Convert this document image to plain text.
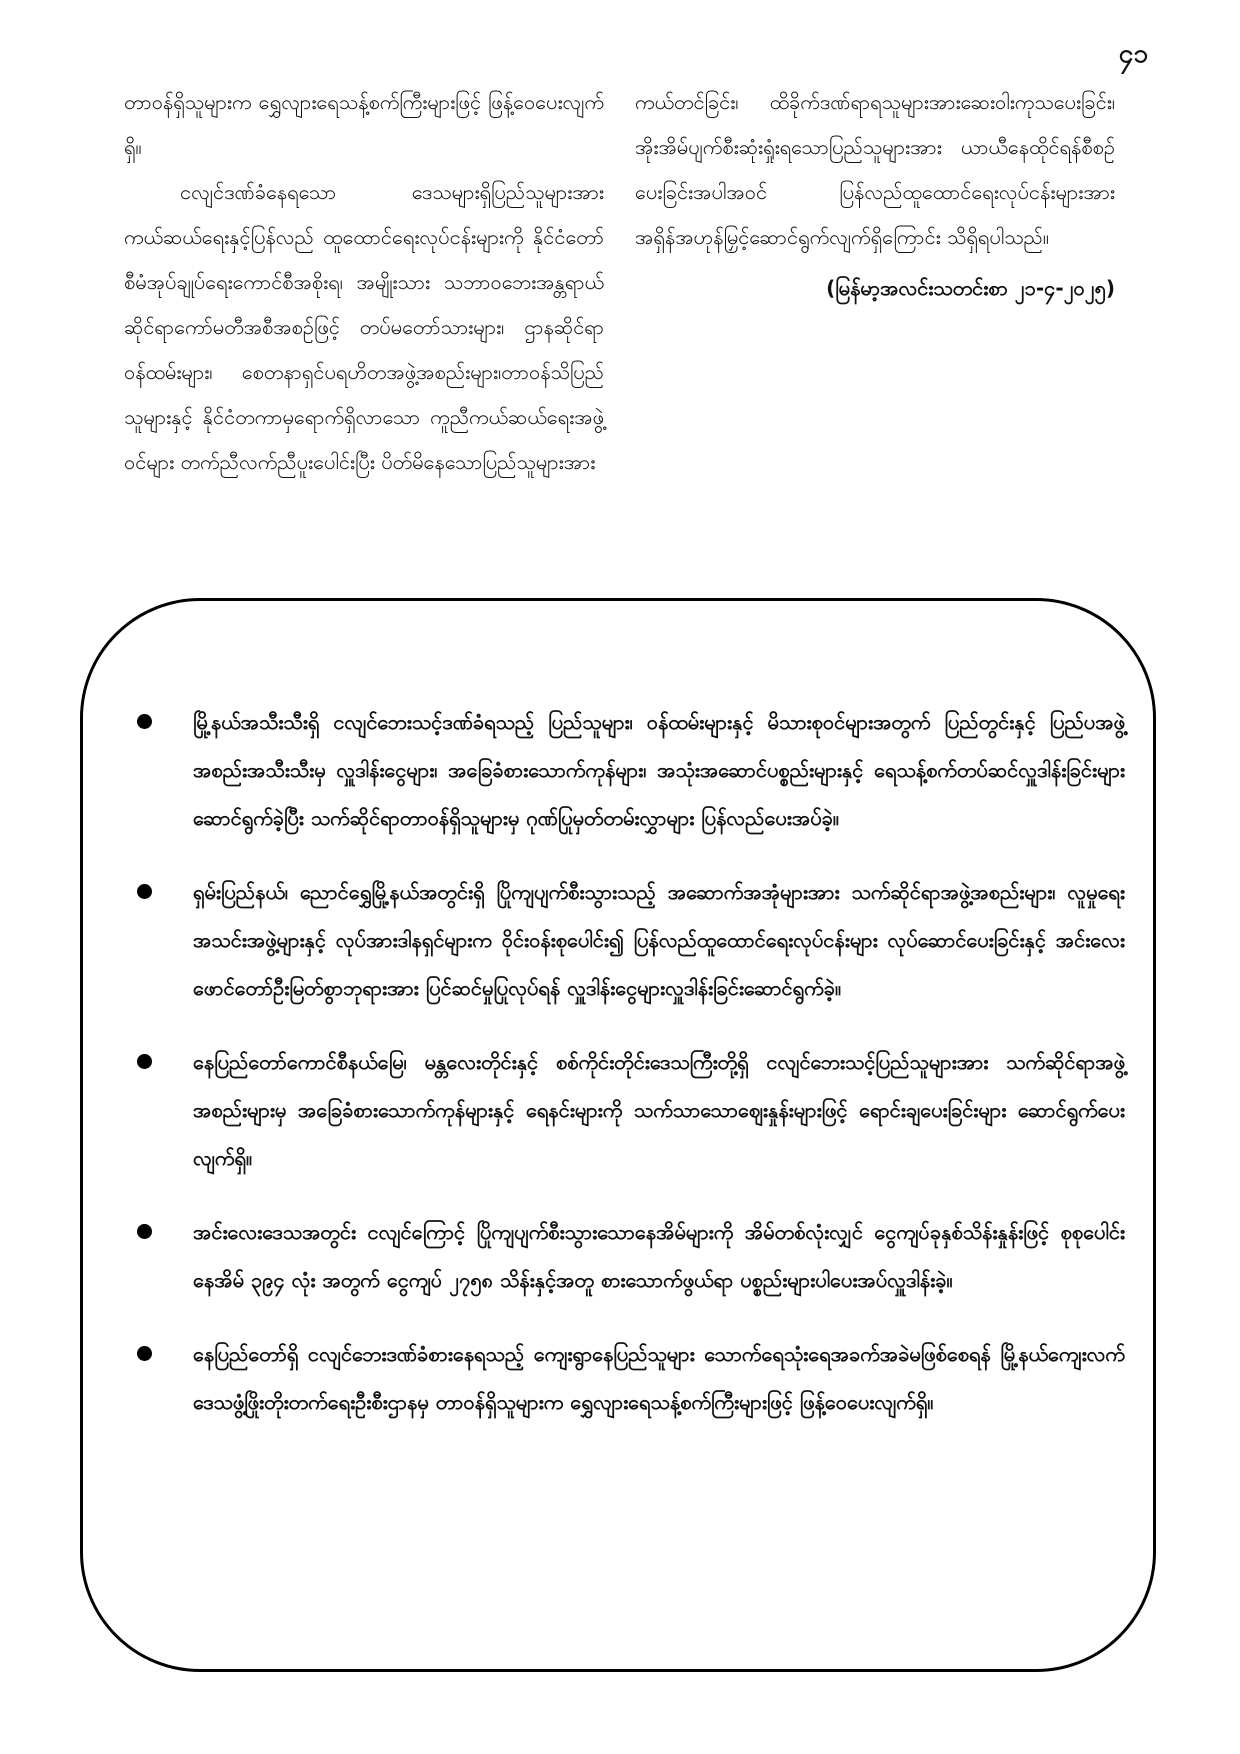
၄၁

တာဝန်ရှိသူများက ရွှေလျားရေသန့်စက်ကြီးများဖြင့် ဖြန့်ဝေပေးလျက်ရှိ။

ငလျင်ဒဏ်ခံနေရသော ဒေသများရှိပြည်သူများအား ကယ်ဆယ်ရေးနှင့်ပြန်လည် ထူထောင်ရေးလုပ်ငန်းများကို နိုင်ငံတော်စီမံအုပ်ချုပ်ရေးကောင်စီအစိုးရ၊ အမျိုးသား သဘာဝဘေးအန္တရာယ်ဆိုင်ရာကော်မတီအစီအစဉ်ဖြင့် တပ်မတော်သားများ၊ ဌာနဆိုင်ရာဝန်ထမ်းများ၊ စေတနာရှင်ပရဟိတအဖွဲ့အစည်းများ၊တာဝန်သိပြည်သူများနှင့် နိုင်ငံတကာမှရောက်ရှိလာသော ကူညီကယ်ဆယ်ရေးအဖွဲ့ဝင်များ တက်ညီလက်ညီပူးပေါင်းပြီး ပိတ်မိနေသောပြည်သူများအား

ကယ်တင်ခြင်း၊ ထိခိုက်ဒဏ်ရာရသူများအားဆေးဝါးကုသပေးခြင်း၊ အိုးအိမ်ပျက်စီးဆုံးရှုံးရသောပြည်သူများအား ယာယီနေထိုင်ရန်စီစဉ်ပေးခြင်းအပါအဝင် ပြန်လည်ထူထောင်ရေးလုပ်ငန်းများအား အရှိန်အဟုန်မြှင့်ဆောင်ရွက်လျက်ရှိကြောင်း သိရှိရပါသည်။

(မြန်မာ့အလင်းသတင်းစာ ၂၁-၄-၂၀၂၅)

မြို့နယ်အသီးသီးရှိ ငလျင်ဘေးသင့်ဒဏ်ခံရသည့် ပြည်သူများ၊ ဝန်ထမ်းများနှင့် မိသားစုဝင်များအတွက် ပြည်တွင်းနှင့် ပြည်ပအဖွဲ့အစည်းအသီးသီးမှ လှူဒါန်းငွေများ၊ အခြေခံစားသောက်ကုန်များ၊ အသုံးအဆောင်ပစ္စည်းများနှင့် ရေသန့်စက်တပ်ဆင်လှူဒါန်းခြင်းများ ဆောင်ရွက်ခဲ့ပြီး သက်ဆိုင်ရာတာဝန်ရှိသူများမှ ဂုဏ်ပြုမှတ်တမ်းလွှာများ ပြန်လည်ပေးအပ်ခဲ့။
ရှမ်းပြည်နယ်၊ ညောင်ရွှေမြို့နယ်အတွင်းရှိ ပြိုကျပျက်စီးသွားသည့် အဆောက်အအုံများအား သက်ဆိုင်ရာအဖွဲ့အစည်းများ၊ လူမှုရေးအသင်းအဖွဲ့များနှင့် လုပ်အားဒါနရှင်များက ဝိုင်းဝန်းစုပေါင်း၍ ပြန်လည်ထူထောင်ရေးလုပ်ငန်းများ လုပ်ဆောင်ပေးခြင်းနှင့် အင်းလေးဖောင်တော်ဦးမြတ်စွာဘုရားအား ပြင်ဆင်မှုပြုလုပ်ရန် လှူဒါန်းငွေများလှူဒါန်းခြင်းဆောင်ရွက်ခဲ့။
နေပြည်တော်ကောင်စီနယ်မြေ၊ မန္တလေးတိုင်းနှင့် စစ်ကိုင်းတိုင်းဒေသကြီးတို့ရှိ ငလျင်ဘေးသင့်ပြည်သူများအား သက်ဆိုင်ရာအဖွဲ့အစည်းများမှ အခြေခံစားသောက်ကုန်များနှင့် ရေနင်းများကို သက်သာသောဈေးနှုန်းများဖြင့် ရောင်းချပေးခြင်းများ ဆောင်ရွက်ပေးလျက်ရှိ။
အင်းလေးဒေသအတွင်း ငလျင်ကြောင့် ပြိုကျပျက်စီးသွားသောနေအိမ်များကို အိမ်တစ်လုံးလျှင် ငွေကျပ်ခုနှစ်သိန်းနှုန်းဖြင့် စုစုပေါင်းနေအိမ် ၃၉၄ လုံး အတွက် ငွေကျပ် ၂၇၅၈ သိန်းနှင့်အတူ စားသောက်ဖွယ်ရာ ပစ္စည်းများပါပေးအပ်လှူဒါန်းခဲ့။
နေပြည်တော်ရှိ ငလျင်ဘေးဒဏ်ခံစားနေရသည့် ကျေးရွာနေပြည်သူများ သောက်ရေသုံးရေအခက်အခဲမဖြစ်စေရန် မြို့နယ်ကျေးလက်ဒေသဖွံ့ဖြိုးတိုးတက်ရေးဦးစီးဌာနမှ တာဝန်ရှိသူများက ရွှေလျားရေသန့်စက်ကြီးများဖြင့် ဖြန့်ဝေပေးလျက်ရှိ။
